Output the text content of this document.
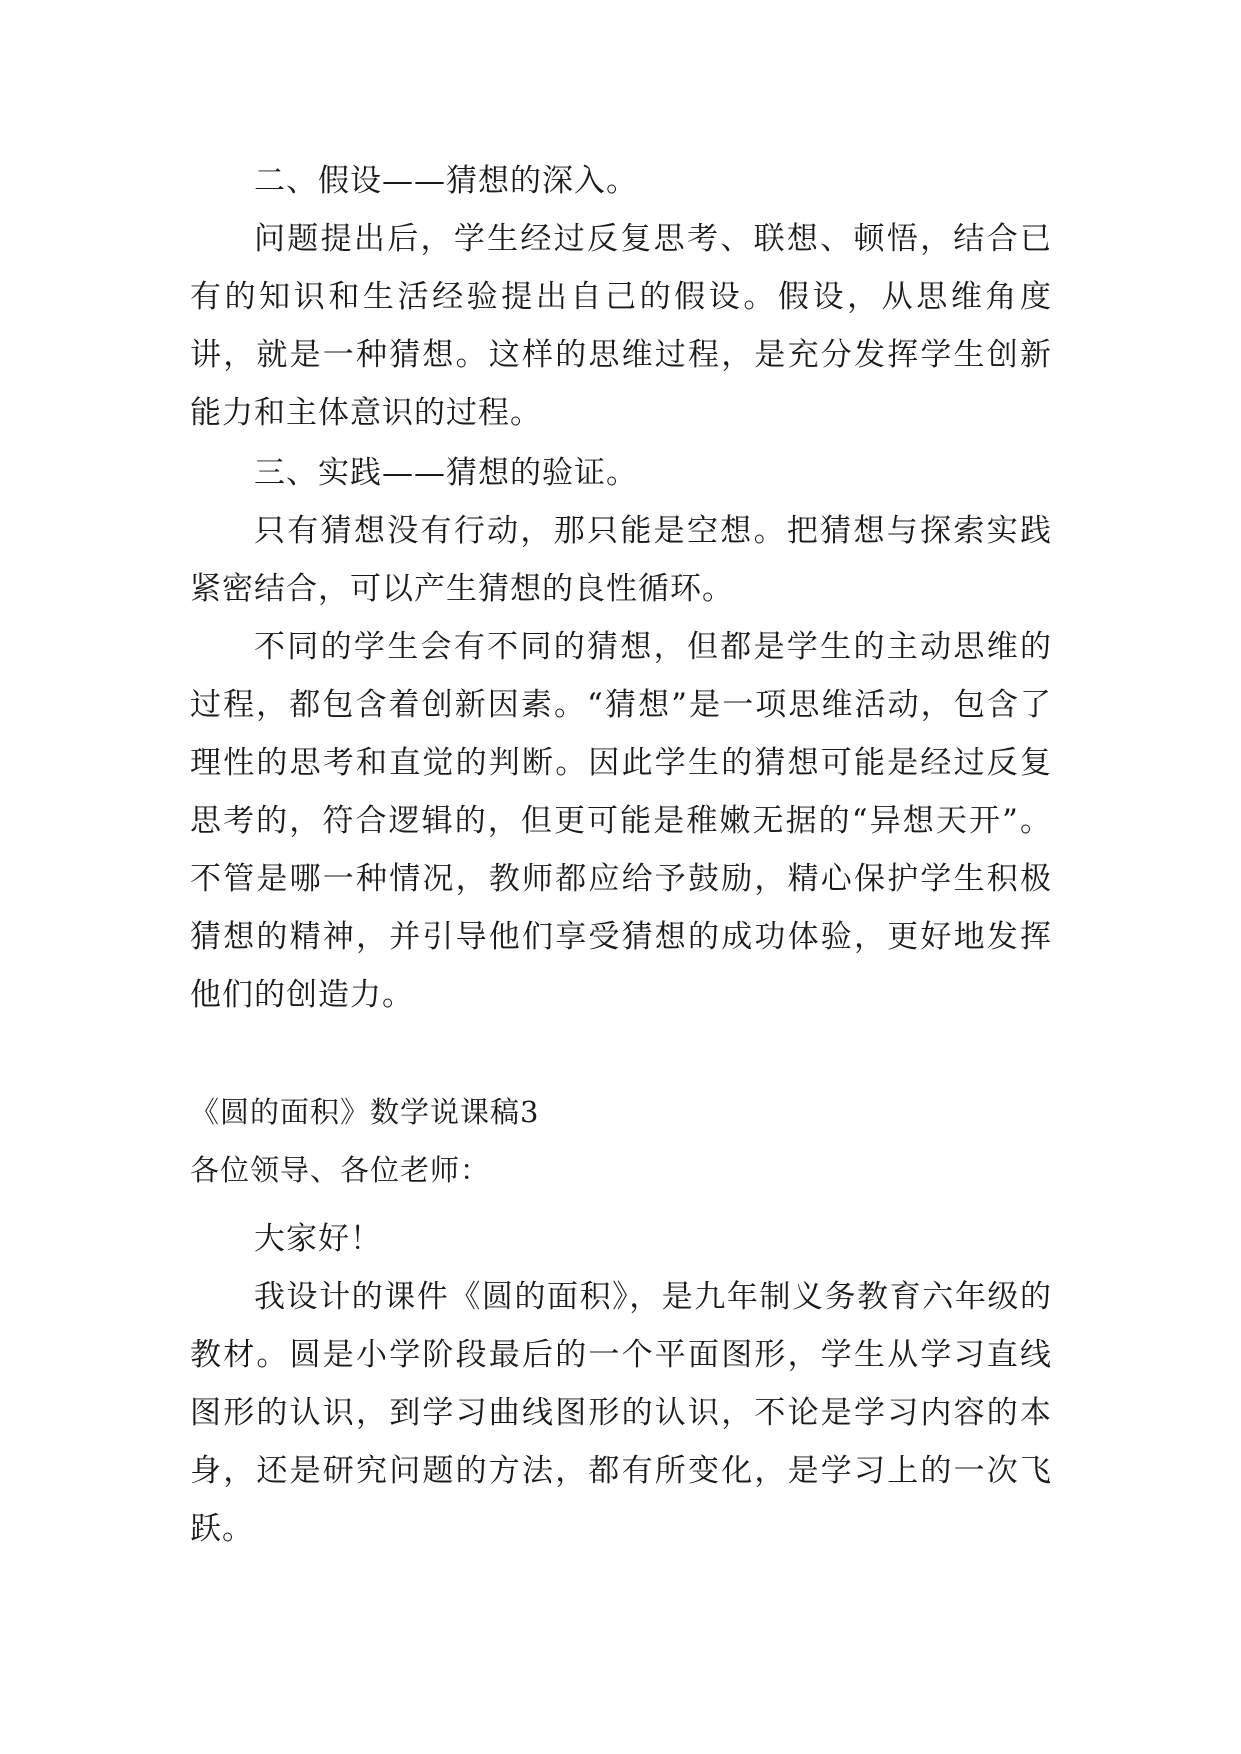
二、假设——猜想的深入。

问题提出后，学生经过反复思考、联想、顿悟，结合已有的知识和生活经验提出自己的假设。假设，从思维角度讲，就是一种猜想。这样的思维过程，是充分发挥学生创新能力和主体意识的过程。

三、实践——猜想的验证。

只有猜想没有行动，那只能是空想。把猜想与探索实践紧密结合，可以产生猜想的良性循环。

不同的学生会有不同的猜想，但都是学生的主动思维的过程，都包含着创新因素。“猜想”是一项思维活动，包含了理性的思考和直觉的判断。因此学生的猜想可能是经过反复思考的，符合逻辑的，但更可能是稚嫩无据的“异想天开”。不管是哪一种情况，教师都应给予鼓励，精心保护学生积极猜想的精神，并引导他们享受猜想的成功体验，更好地发挥他们的创造力。

《圆的面积》数学说课稿3

各位领导、各位老师：

大家好！

我设计的课件《圆的面积》，是九年制义务教育六年级的教材。圆是小学阶段最后的一个平面图形，学生从学习直线图形的认识，到学习曲线图形的认识，不论是学习内容的本身，还是研究问题的方法，都有所变化，是学习上的一次飞跃。
